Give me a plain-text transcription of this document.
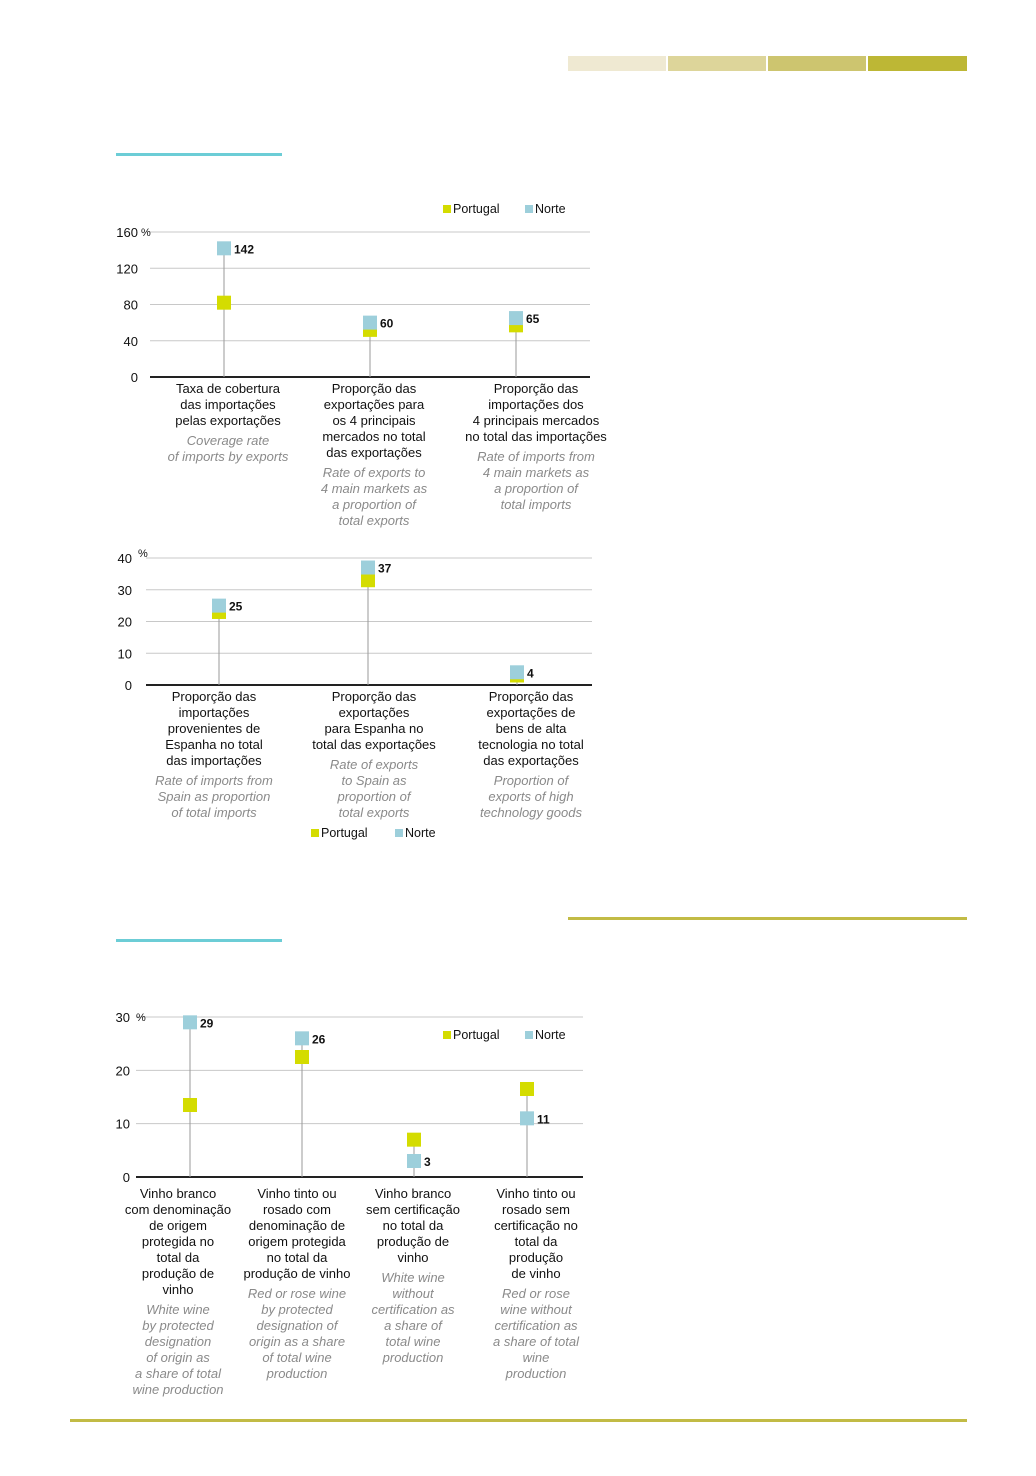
0
40
80
120
160 %
142
Taxa de cobertura
das importações
pelas exportações
Coverage rate
of imports by exports
60
Proporção das
exportações para
os 4 principais
mercados no total
das exportações
Rate of exports to
4 main markets as
a proportion of
total exports
65
Proporção das
importações dos
4 principais mercados
no total das importações
Rate of imports from
4 main markets as
a proportion of
total imports
Portugal	Norte
0
10
20
30
40 %
25
Proporção das
importações
provenientes de
Espanha no total
das importações
Rate of imports from
Spain as proportion
of total imports
37
Proporção das
exportações
para Espanha no
total das exportações
Rate of exports
to Spain as
proportion of
total exports
4
Proporção das
exportações de
bens de alta
tecnologia no total
das exportações
Proportion of
exports of high
technology goods
Portugal	Norte
0
10
20
30 %	29
Vinho branco
com denominação
de origem
protegida no
total da
produção de
vinho
White wine
by protected
designation
of origin as
a share of total
wine production
26
Vinho tinto ou
rosado com
denominação de
origem protegida
no total da
produção de vinho
Red or rose wine
by protected
designation of
origin as a share
of total wine
production
3
Vinho branco
sem certificação
no total da
produção de
vinho
White wine
without
certification as
a share of
total wine
production
11
Vinho tinto ou
rosado sem
certificação no
total da
produção
de vinho
Red or rose
wine without
certification as
a share of total
wine
production
Portugal	Norte
